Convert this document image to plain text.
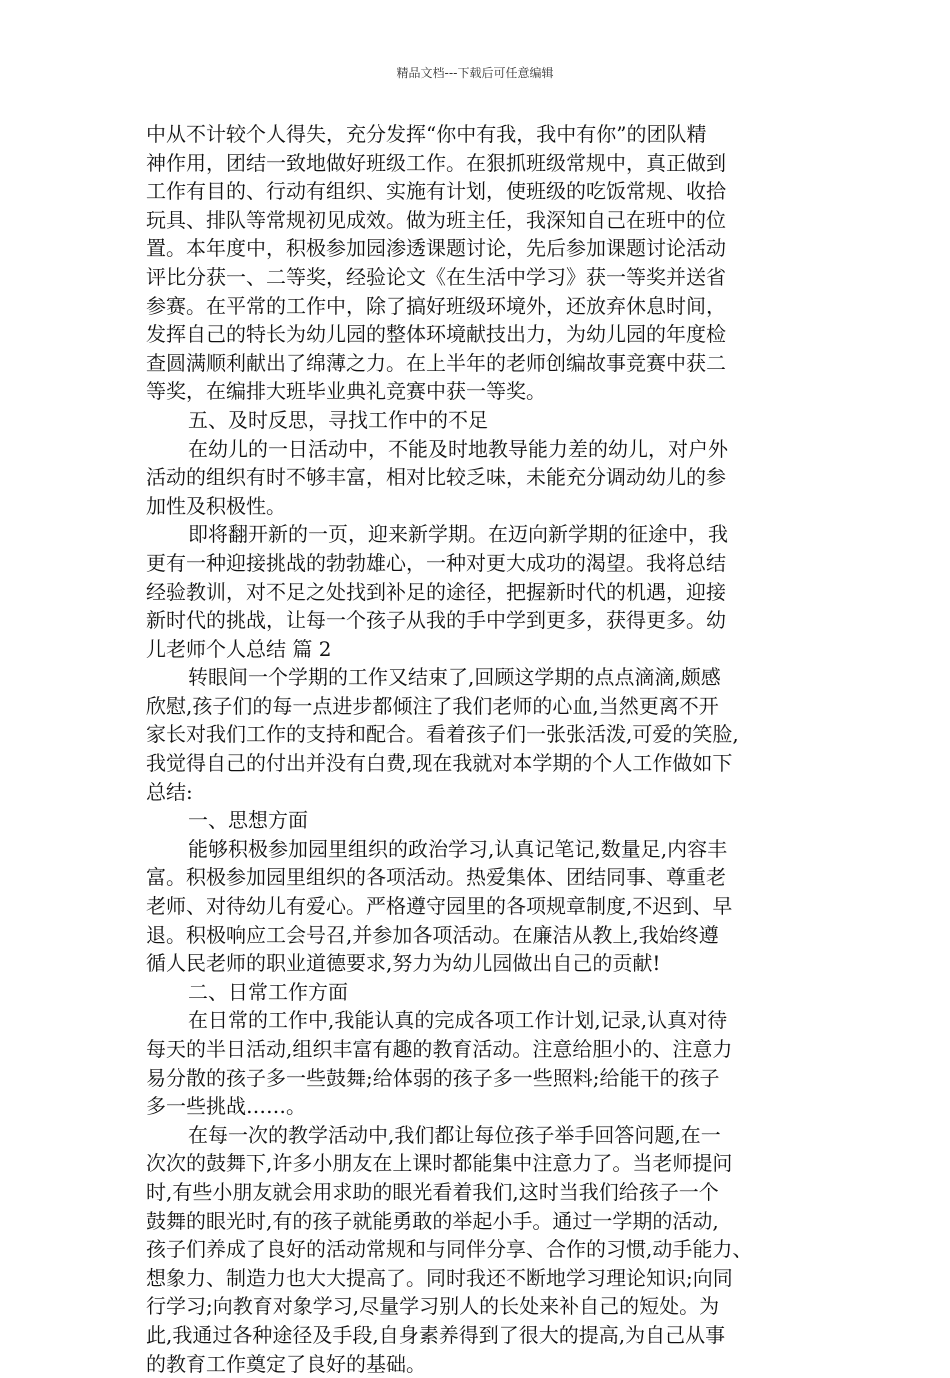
精品文档---下载后可任意编辑
中从不计较个人得失，充分发挥“你中有我，我中有你”的团队精
神作用，团结一致地做好班级工作。在狠抓班级常规中，真正做到
工作有目的、行动有组织、实施有计划，使班级的吃饭常规、收拾
玩具、排队等常规初见成效。做为班主任，我深知自己在班中的位
置。本年度中，积极参加园渗透课题讨论，先后参加课题讨论活动
评比分获一、二等奖，经验论文《在生活中学习》获一等奖并送省
参赛。在平常的工作中，除了搞好班级环境外，还放弃休息时间，
发挥自己的特长为幼儿园的整体环境献技出力，为幼儿园的年度检
查圆满顺利献出了绵薄之力。在上半年的老师创编故事竞赛中获二
等奖，在编排大班毕业典礼竞赛中获一等奖。
五、及时反思，寻找工作中的不足
在幼儿的一日活动中，不能及时地教导能力差的幼儿，对户外
活动的组织有时不够丰富，相对比较乏味，未能充分调动幼儿的参
加性及积极性。
即将翻开新的一页，迎来新学期。在迈向新学期的征途中，我
更有一种迎接挑战的勃勃雄心，一种对更大成功的渴望。我将总结
经验教训，对不足之处找到补足的途径，把握新时代的机遇，迎接
新时代的挑战，让每一个孩子从我的手中学到更多，获得更多。幼
儿老师个人总结 篇 2
转眼间一个学期的工作又结束了,回顾这学期的点点滴滴,颇感
欣慰,孩子们的每一点进步都倾注了我们老师的心血,当然更离不开
家长对我们工作的支持和配合。看着孩子们一张张活泼,可爱的笑脸,
我觉得自己的付出并没有白费,现在我就对本学期的个人工作做如下
总结:
一、思想方面
能够积极参加园里组织的政治学习,认真记笔记,数量足,内容丰
富。积极参加园里组织的各项活动。热爱集体、团结同事、尊重老
老师、对待幼儿有爱心。严格遵守园里的各项规章制度,不迟到、早
退。积极响应工会号召,并参加各项活动。在廉洁从教上,我始终遵
循人民老师的职业道德要求,努力为幼儿园做出自己的贡献!
二、日常工作方面
在日常的工作中,我能认真的完成各项工作计划,记录,认真对待
每天的半日活动,组织丰富有趣的教育活动。注意给胆小的、注意力
易分散的孩子多一些鼓舞;给体弱的孩子多一些照料;给能干的孩子
多一些挑战……。
在每一次的教学活动中,我们都让每位孩子举手回答问题,在一
次次的鼓舞下,许多小朋友在上课时都能集中注意力了。当老师提问
时,有些小朋友就会用求助的眼光看着我们,这时当我们给孩子一个
鼓舞的眼光时,有的孩子就能勇敢的举起小手。通过一学期的活动,
孩子们养成了良好的活动常规和与同伴分享、合作的习惯,动手能力、
想象力、制造力也大大提高了。同时我还不断地学习理论知识;向同
行学习;向教育对象学习,尽量学习别人的长处来补自己的短处。为
此,我通过各种途径及手段,自身素养得到了很大的提高,为自己从事
的教育工作奠定了良好的基础。
